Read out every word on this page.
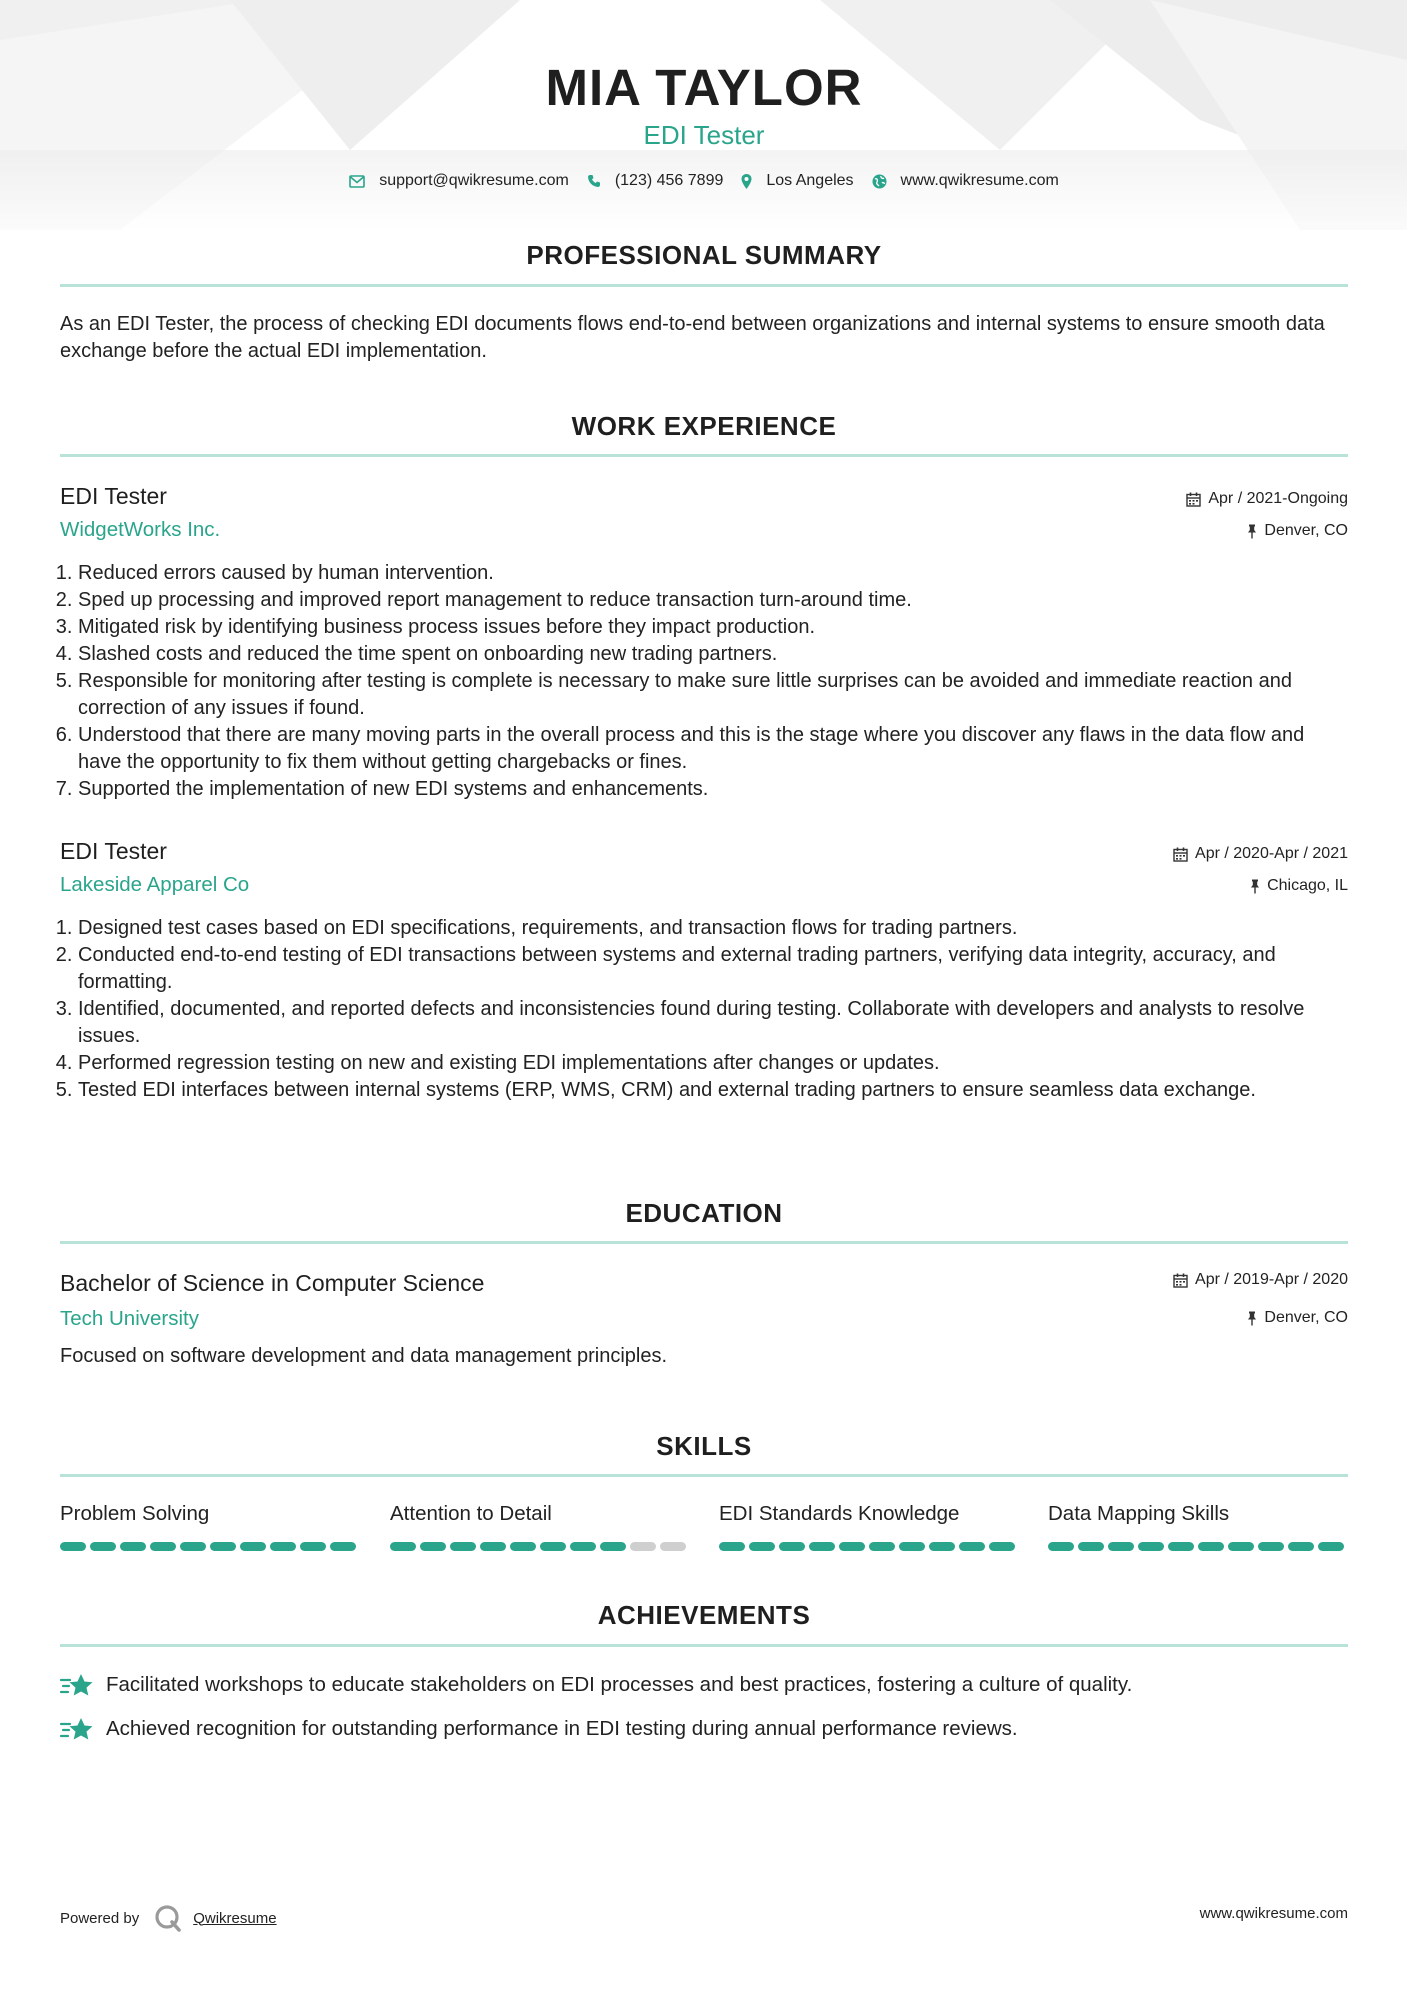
MIA TAYLOR
EDI Tester
support@qwikresume.com	(123) 456 7899	Los Angeles	www.qwikresume.com
PROFESSIONAL SUMMARY
As an EDI Tester, the process of checking EDI documents flows end-to-end between organizations and internal systems to ensure smooth data exchange before the actual EDI implementation.
WORK EXPERIENCE
EDI Tester	Apr / 2021-Ongoing
WidgetWorks Inc.	Denver, CO
1. Reduced errors caused by human intervention.
2. Sped up processing and improved report management to reduce transaction turn-around time.
3. Mitigated risk by identifying business process issues before they impact production.
4. Slashed costs and reduced the time spent on onboarding new trading partners.
5. Responsible for monitoring after testing is complete is necessary to make sure little surprises can be avoided and immediate reaction and correction of any issues if found.
6. Understood that there are many moving parts in the overall process and this is the stage where you discover any flaws in the data flow and have the opportunity to fix them without getting chargebacks or fines.
7. Supported the implementation of new EDI systems and enhancements.
EDI Tester	Apr / 2020-Apr / 2021
Lakeside Apparel Co	Chicago, IL
1. Designed test cases based on EDI specifications, requirements, and transaction flows for trading partners.
2. Conducted end-to-end testing of EDI transactions between systems and external trading partners, verifying data integrity, accuracy, and formatting.
3. Identified, documented, and reported defects and inconsistencies found during testing. Collaborate with developers and analysts to resolve issues.
4. Performed regression testing on new and existing EDI implementations after changes or updates.
5. Tested EDI interfaces between internal systems (ERP, WMS, CRM) and external trading partners to ensure seamless data exchange.
EDUCATION
Bachelor of Science in Computer Science	Apr / 2019-Apr / 2020
Tech University	Denver, CO
Focused on software development and data management principles.
SKILLS
Problem Solving	Attention to Detail	EDI Standards Knowledge	Data Mapping Skills
ACHIEVEMENTS
Facilitated workshops to educate stakeholders on EDI processes and best practices, fostering a culture of quality.
Achieved recognition for outstanding performance in EDI testing during annual performance reviews.
Powered by	Qwikresume	www.qwikresume.com
